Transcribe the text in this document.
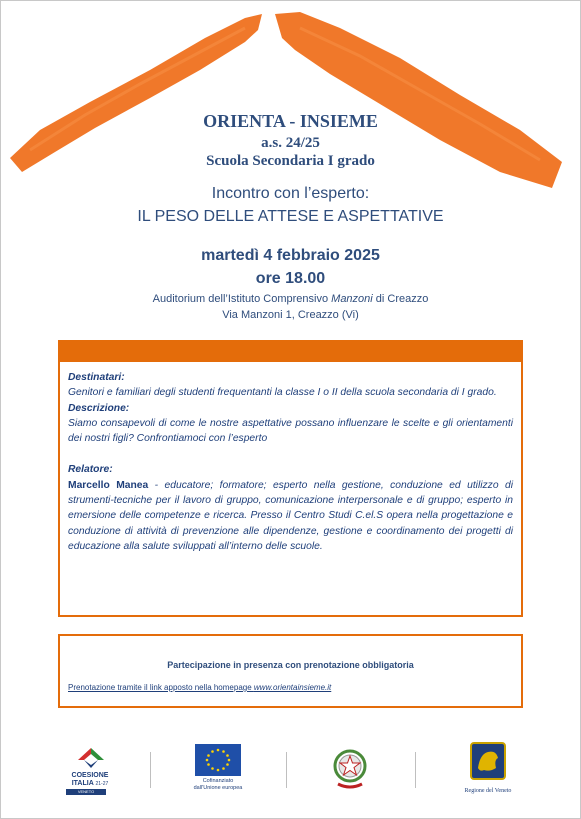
ORIENTA - INSIEME
a.s. 24/25
Scuola Secondaria I grado
Incontro con l’esperto:
IL PESO DELLE ATTESE E ASPETTATIVE
martedì 4 febbraio 2025
ore 18.00
Auditorium dell’Istituto Comprensivo Manzoni di Creazzo
Via Manzoni 1, Creazzo (Vi)

Destinatari:

Genitori e familiari degli studenti frequentanti la classe I o II della scuola secondaria di I grado.

Descrizione:

Siamo consapevoli di come le nostre aspettative possano influenzare le scelte e gli orientamenti dei nostri figli? Confrontiamoci con l’esperto

Relatore:

Marcello Manea - educatore; formatore; esperto nella gestione, conduzione ed utilizzo di strumenti-tecniche per il lavoro di gruppo, comunicazione interpersonale e di gruppo; esperto in emersione delle competenze e ricerca. Presso il Centro Studi C.el.S opera nella progettazione e conduzione di attività di prevenzione alle dipendenze, gestione e coordinamento dei progetti di educazione alla salute sviluppati all’interno delle scuole.

Partecipazione in presenza con prenotazione obbligatoria
Prenotazione tramite il link apposto nella homepage www.orientainsieme.it
COESIONE
ITALIA 21-27
VENETO
Cofinanziato
dall'Unione europea	Regione del Veneto
